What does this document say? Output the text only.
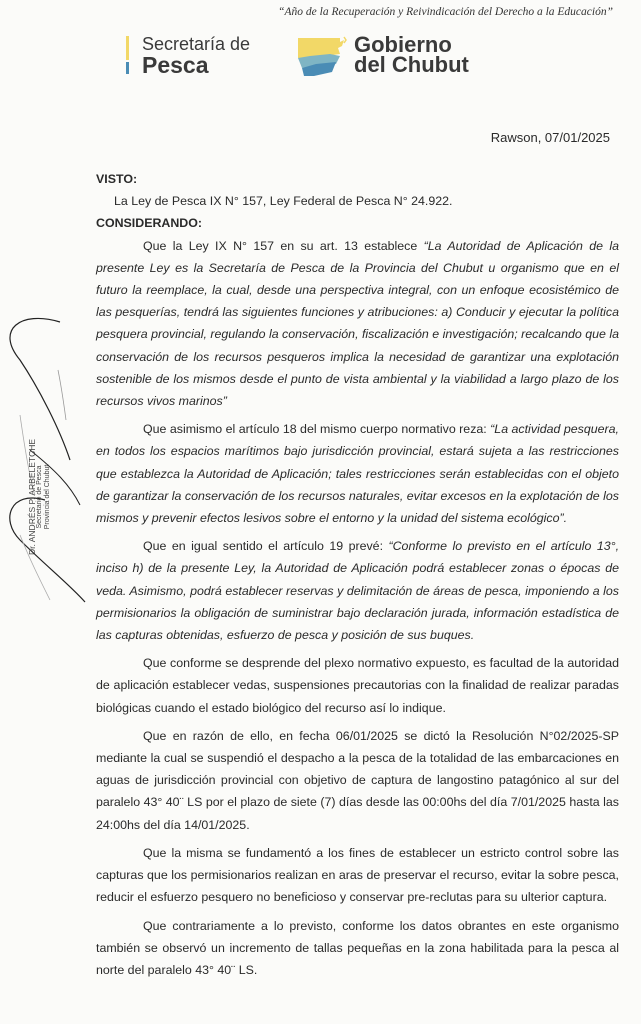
“Año de la Recuperación y Reivindicación del Derecho a la Educación”
Secretaría de
Pesca
Gobierno
del Chubut
Rawson, 07/01/2025

VISTO:

La Ley de Pesca IX N° 157, Ley Federal de Pesca N° 24.922.

CONSIDERANDO:

Que la Ley IX N° 157 en su art. 13 establece “La Autoridad de Aplicación de la presente Ley es la Secretaría de Pesca de la Provincia del Chubut u organismo que en el futuro la reemplace, la cual, desde una perspectiva integral, con un enfoque ecosistémico de las pesquerías, tendrá las siguientes funciones y atribuciones: a) Conducir y ejecutar la política pesquera provincial, regulando la conservación, fiscalización e investigación; recalcando que la conservación de los recursos pesqueros implica la necesidad de garantizar una explotación sostenible de los mismos desde el punto de vista ambiental y la viabilidad a largo plazo de los recursos vivos marinos”

Que asimismo el artículo 18 del mismo cuerpo normativo reza: “La actividad pesquera, en todos los espacios marítimos bajo jurisdicción provincial, estará sujeta a las restricciones que establezca la Autoridad de Aplicación; tales restricciones serán establecidas con el objeto de garantizar la conservación de los recursos naturales, evitar excesos en la explotación de los mismos y prevenir efectos lesivos sobre el entorno y la unidad del sistema ecológico”.

Que en igual sentido el artículo 19 prevé: “Conforme lo previsto en el artículo 13°, inciso h) de la presente Ley, la Autoridad de Aplicación podrá establecer zonas o épocas de veda. Asimismo, podrá establecer reservas y delimitación de áreas de pesca, imponiendo a los permisionarios la obligación de suministrar bajo declaración jurada, información estadística de las capturas obtenidas, esfuerzo de pesca y posición de sus buques.

Que conforme se desprende del plexo normativo expuesto, es facultad de la autoridad de aplicación establecer vedas, suspensiones precautorias con la finalidad de realizar paradas biológicas cuando el estado biológico del recurso así lo indique.

Que en razón de ello, en fecha 06/01/2025 se dictó la Resolución N°02/2025-SP mediante la cual se suspendió el despacho a la pesca de la totalidad de las embarcaciones en aguas de jurisdicción provincial con objetivo de captura de langostino patagónico al sur del paralelo 43° 40¨ LS por el plazo de siete (7) días desde las 00:00hs del día 7/01/2025 hasta las 24:00hs del día 14/01/2025.

Que la misma se fundamentó a los fines de establecer un estricto control sobre las capturas que los permisionarios realizan en aras de preservar el recurso, evitar la sobre pesca, reducir el esfuerzo pesquero no beneficioso y conservar pre-reclutas para su ulterior captura.

Que contrariamente a lo previsto, conforme los datos obrantes en este organismo también se observó un incremento de tallas pequeñas en la zona habilitada para la pesca al norte del paralelo 43° 40¨ LS.

Dr. ANDRÉS P. ARBELETCHE Secretario de Pesca Provincia del Chubut
